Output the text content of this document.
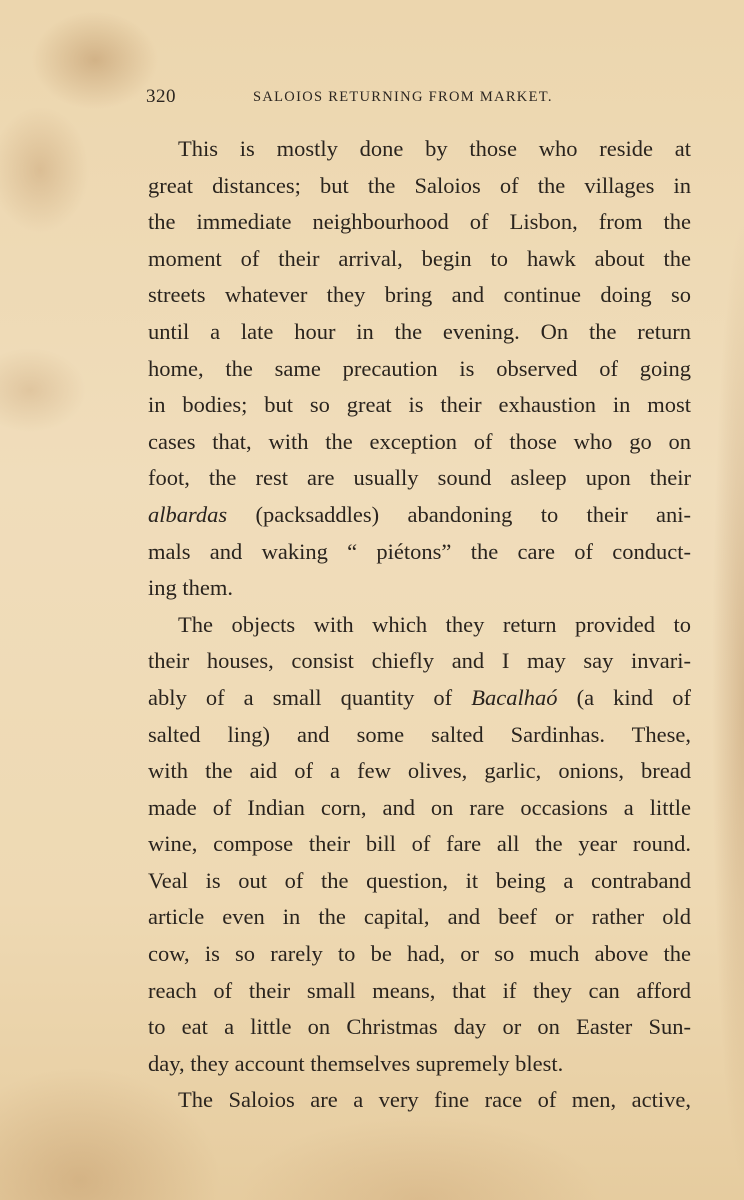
320	SALOIOS RETURNING FROM MARKET.
This is mostly done by those who reside at
great distances; but the Saloios of the villages in
the immediate neighbourhood of Lisbon, from the
moment of their arrival, begin to hawk about the
streets whatever they bring and continue doing so
until a late hour in the evening. On the return
home, the same precaution is observed of going
in bodies; but so great is their exhaustion in most
cases that, with the exception of those who go on
foot, the rest are usually sound asleep upon their
albardas (packsaddles) abandoning to their ani-
mals and waking “ piétons” the care of conduct-
ing them.
The objects with which they return provided to
their houses, consist chiefly and I may say invari-
ably of a small quantity of Bacalhaó (a kind of
salted ling) and some salted Sardinhas. These,
with the aid of a few olives, garlic, onions, bread
made of Indian corn, and on rare occasions a little
wine, compose their bill of fare all the year round.
Veal is out of the question, it being a contraband
article even in the capital, and beef or rather old
cow, is so rarely to be had, or so much above the
reach of their small means, that if they can afford
to eat a little on Christmas day or on Easter Sun-
day, they account themselves supremely blest.
The Saloios are a very fine race of men, active,
